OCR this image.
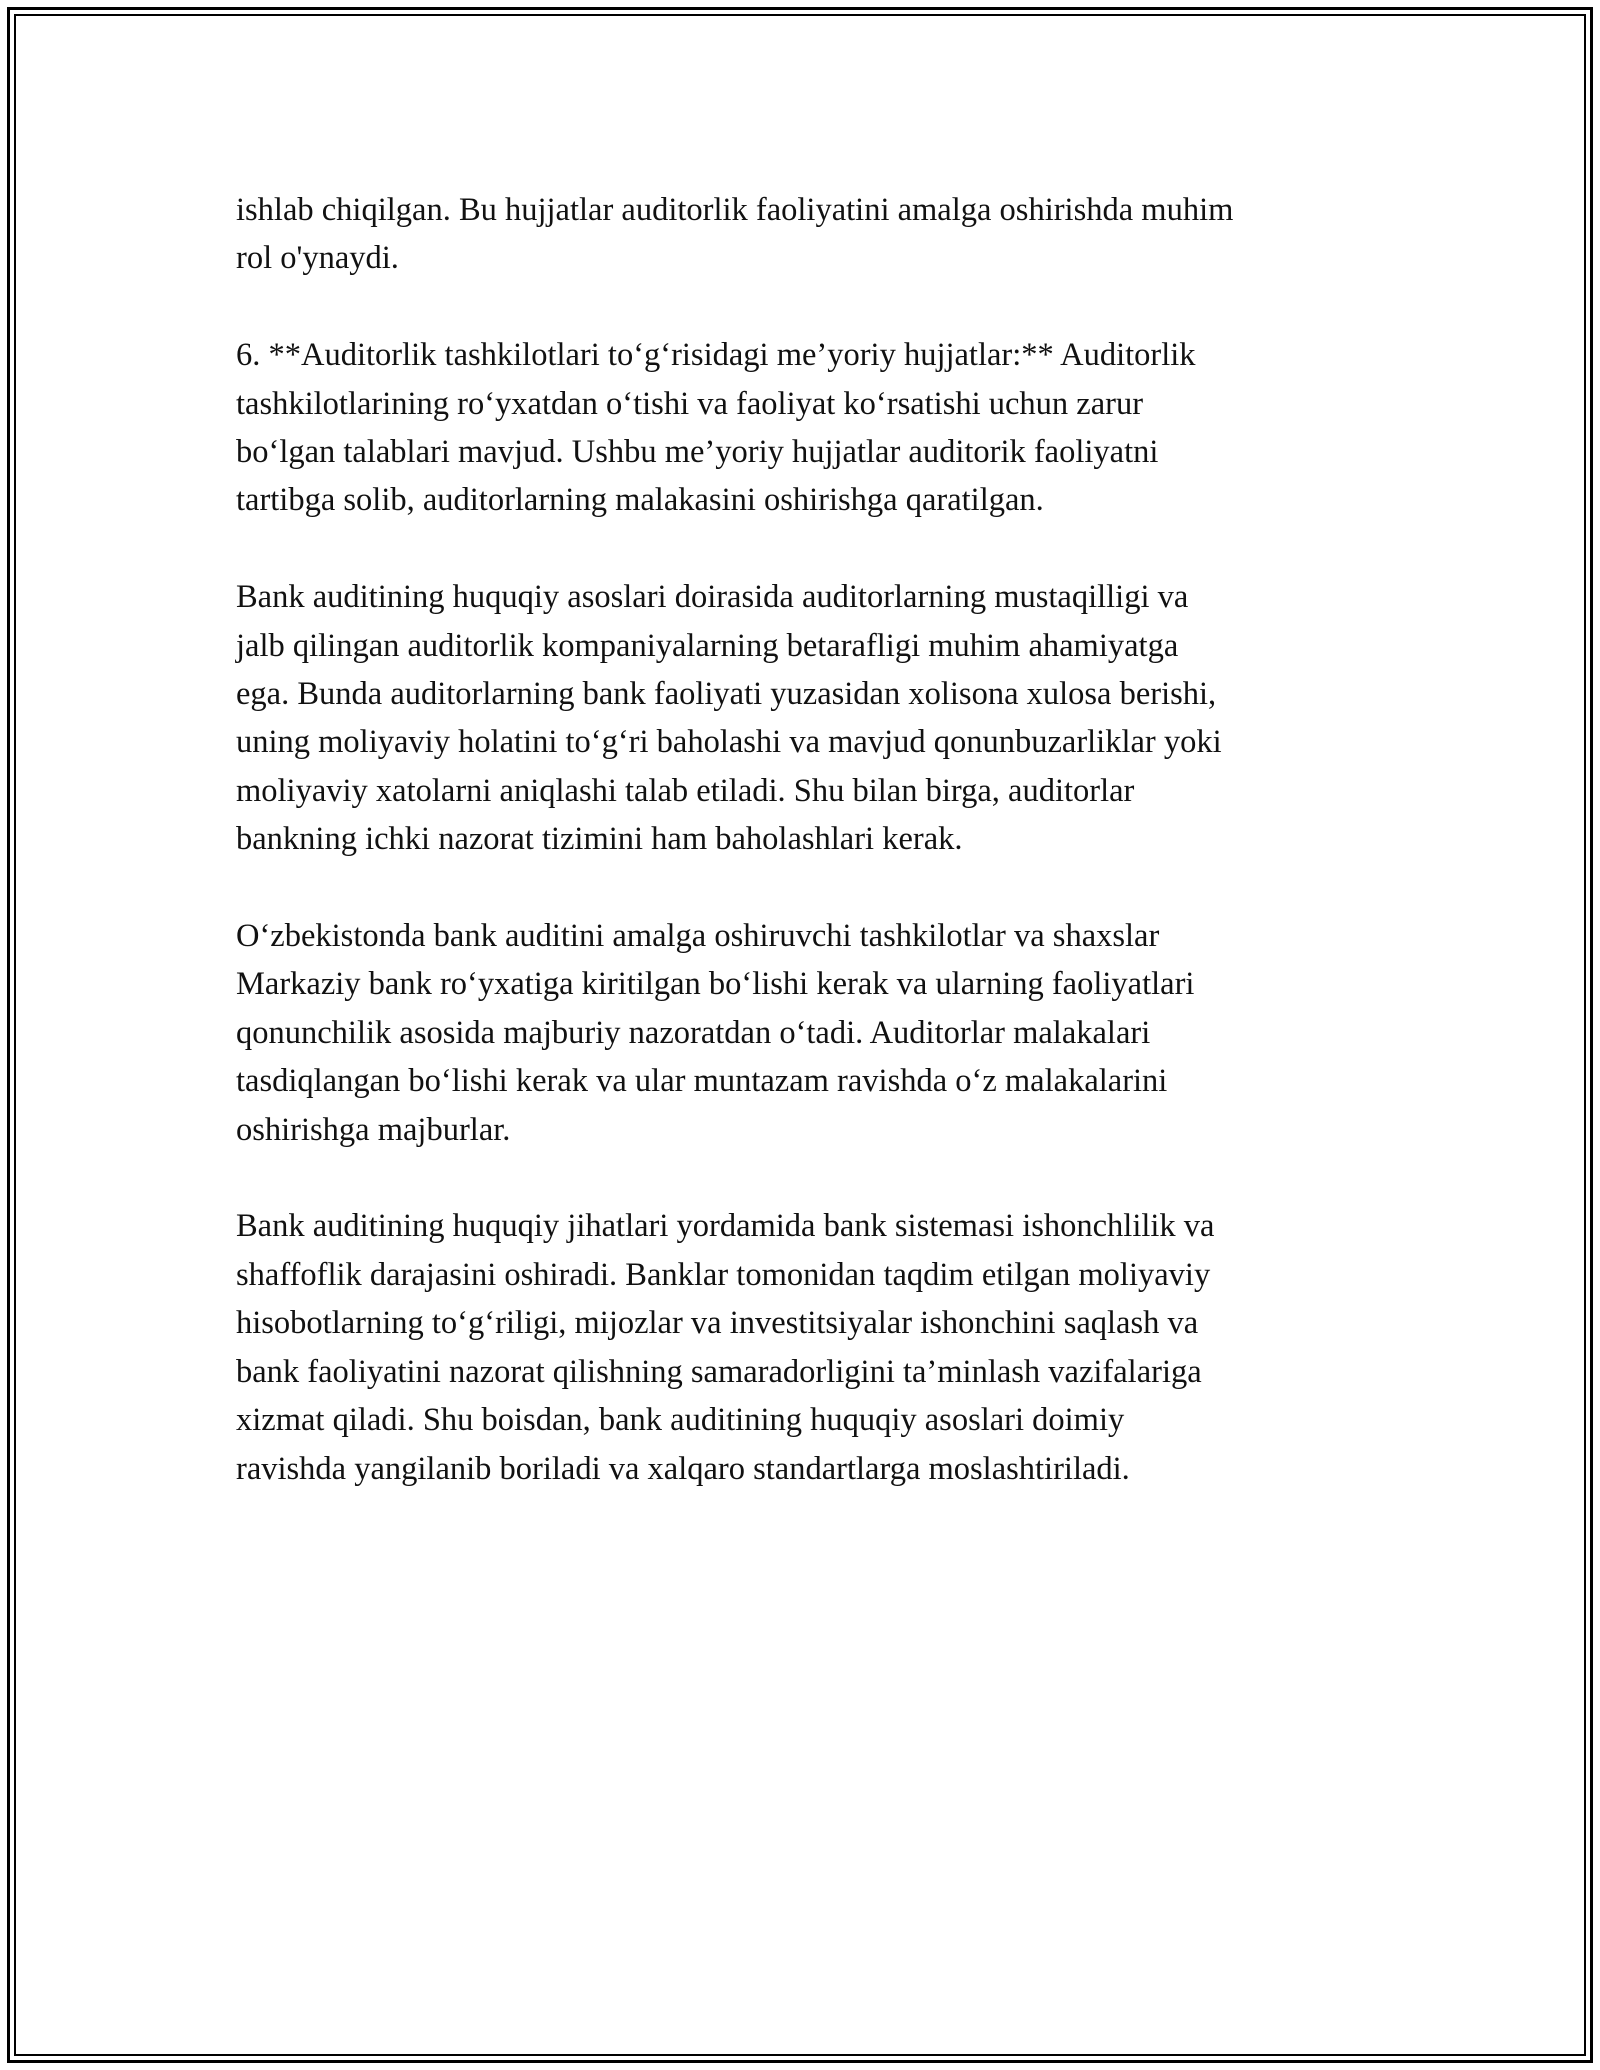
ishlab chiqilgan. Bu hujjatlar auditorlik faoliyatini amalga oshirishda muhim
rol o'ynaydi.

6. **Auditorlik tashkilotlari to‘g‘risidagi me’yoriy hujjatlar:** Auditorlik
tashkilotlarining ro‘yxatdan o‘tishi va faoliyat ko‘rsatishi uchun zarur
bo‘lgan talablari mavjud. Ushbu me’yoriy hujjatlar auditorik faoliyatni
tartibga solib, auditorlarning malakasini oshirishga qaratilgan.

Bank auditining huquqiy asoslari doirasida auditorlarning mustaqilligi va
jalb qilingan auditorlik kompaniyalarning betarafligi muhim ahamiyatga
ega. Bunda auditorlarning bank faoliyati yuzasidan xolisona xulosa berishi,
uning moliyaviy holatini to‘g‘ri baholashi va mavjud qonunbuzarliklar yoki
moliyaviy xatolarni aniqlashi talab etiladi. Shu bilan birga, auditorlar
bankning ichki nazorat tizimini ham baholashlari kerak.

O‘zbekistonda bank auditini amalga oshiruvchi tashkilotlar va shaxslar
Markaziy bank ro‘yxatiga kiritilgan bo‘lishi kerak va ularning faoliyatlari
qonunchilik asosida majburiy nazoratdan o‘tadi. Auditorlar malakalari
tasdiqlangan bo‘lishi kerak va ular muntazam ravishda o‘z malakalarini
oshirishga majburlar.

Bank auditining huquqiy jihatlari yordamida bank sistemasi ishonchlilik va
shaffoflik darajasini oshiradi. Banklar tomonidan taqdim etilgan moliyaviy
hisobotlarning to‘g‘riligi, mijozlar va investitsiyalar ishonchini saqlash va
bank faoliyatini nazorat qilishning samaradorligini ta’minlash vazifalariga
xizmat qiladi. Shu boisdan, bank auditining huquqiy asoslari doimiy
ravishda yangilanib boriladi va xalqaro standartlarga moslashtiriladi.
